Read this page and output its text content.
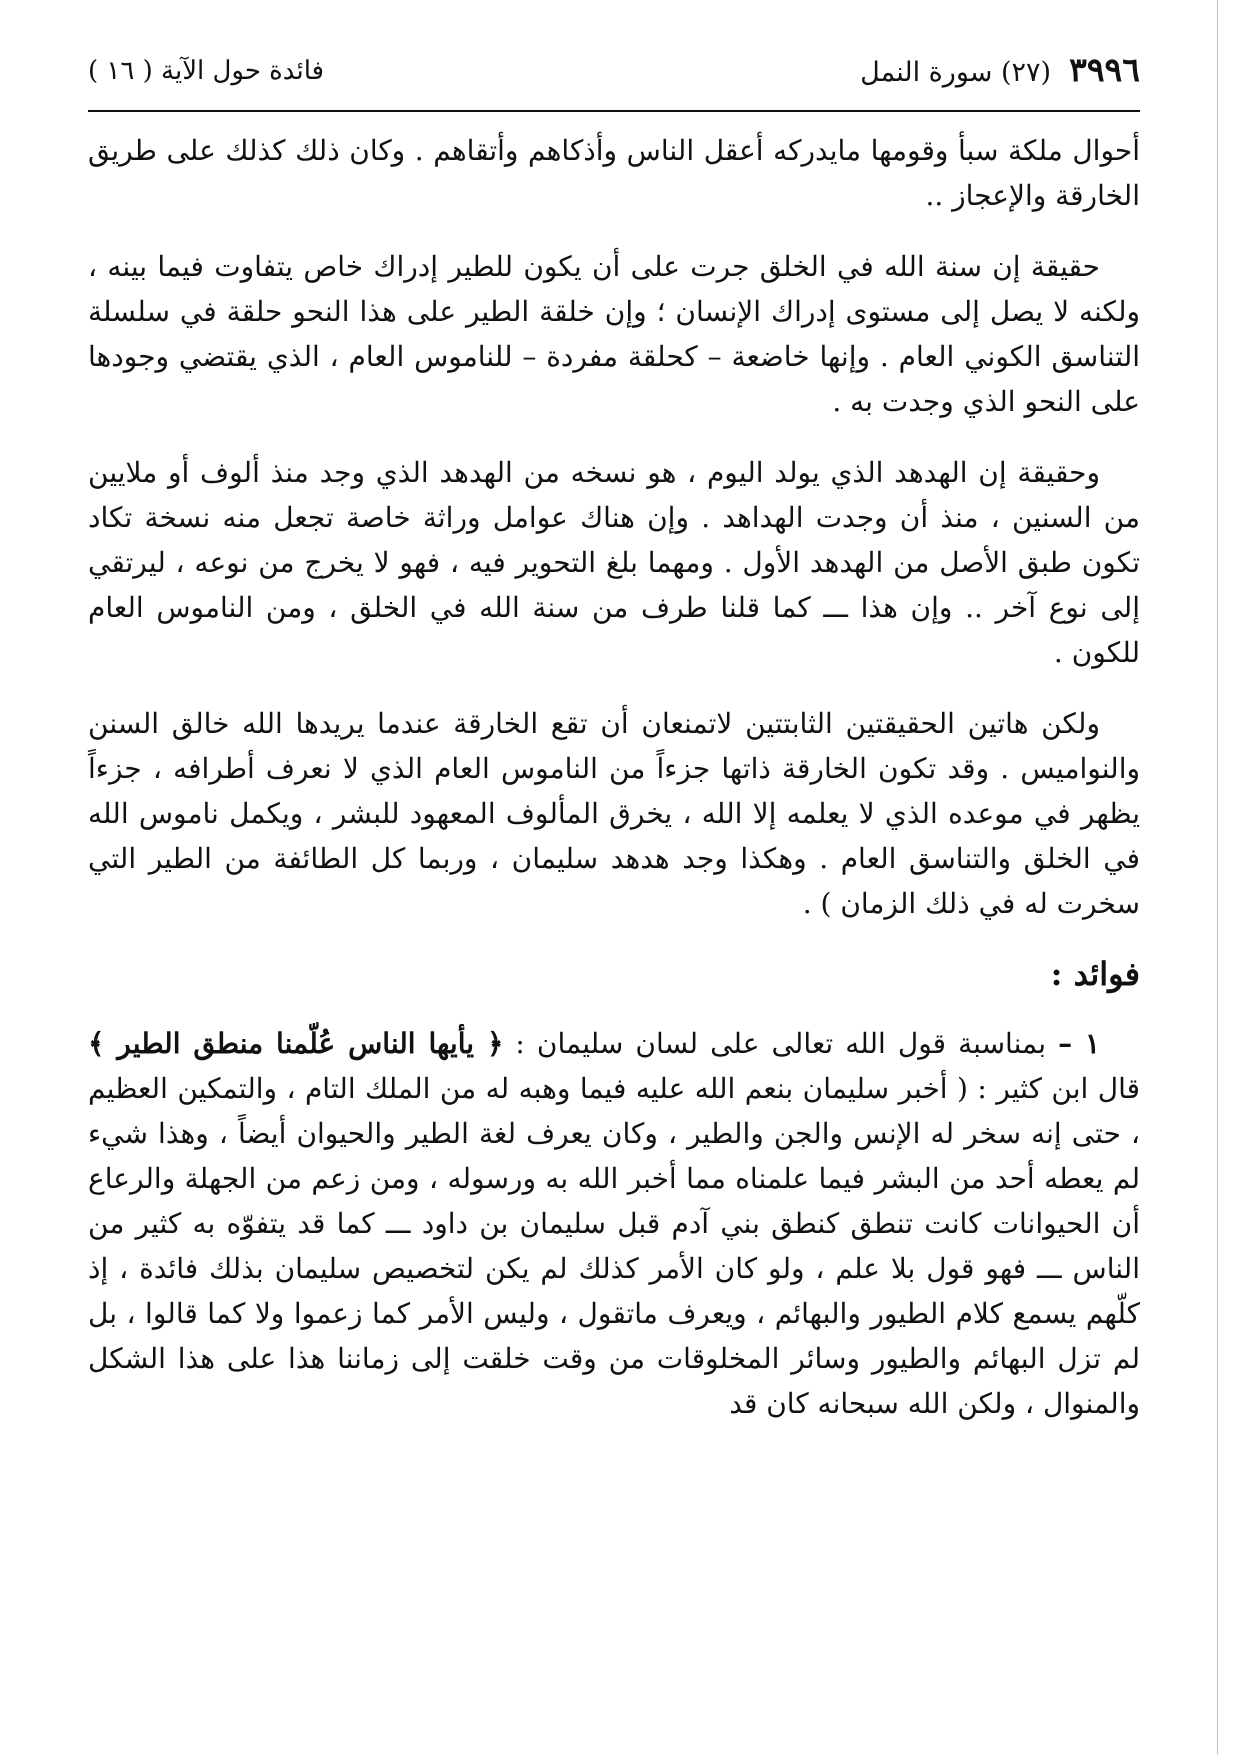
٣٩٩٦
(٢٧) سورة النمل
فائدة حول الآية ( ١٦ )

أحوال ملكة سبأ وقومها مايدركه أعقل الناس وأذكاهم وأتقاهم . وكان ذلك كذلك على طريق الخارقة والإعجاز ..

حقيقة إن سنة الله في الخلق جرت على أن يكون للطير إدراك خاص يتفاوت فيما بينه ، ولكنه لا يصل إلى مستوى إدراك الإنسان ؛ وإن خلقة الطير على هذا النحو حلقة في سلسلة التناسق الكوني العام . وإنها خاضعة – كحلقة مفردة – للناموس العام ، الذي يقتضي وجودها على النحو الذي وجدت به .

وحقيقة إن الهدهد الذي يولد اليوم ، هو نسخه من الهدهد الذي وجد منذ ألوف أو ملايين من السنين ، منذ أن وجدت الهداهد . وإن هناك عوامل وراثة خاصة تجعل منه نسخة تكاد تكون طبق الأصل من الهدهد الأول . ومهما بلغ التحوير فيه ، فهو لا يخرج من نوعه ، ليرتقي إلى نوع آخر .. وإن هذا ـــ كما قلنا طرف من سنة الله في الخلق ، ومن الناموس العام للكون .

ولكن هاتين الحقيقتين الثابتتين لاتمنعان أن تقع الخارقة عندما يريدها الله خالق السنن والنواميس . وقد تكون الخارقة ذاتها جزءاً من الناموس العام الذي لا نعرف أطرافه ، جزءاً يظهر في موعده الذي لا يعلمه إلا الله ، يخرق المألوف المعهود للبشر ، ويكمل ناموس الله في الخلق والتناسق العام . وهكذا وجد هدهد سليمان ، وربما كل الطائفة من الطير التي سخرت له في ذلك الزمان ) .

فوائد :

١ – بمناسبة قول الله تعالى على لسان سليمان : ﴿ يأيها الناس عُلّمنا منطق الطير ﴾ قال ابن كثير : ( أخبر سليمان بنعم الله عليه فيما وهبه له من الملك التام ، والتمكين العظيم ، حتى إنه سخر له الإنس والجن والطير ، وكان يعرف لغة الطير والحيوان أيضاً ، وهذا شيء لم يعطه أحد من البشر فيما علمناه مما أخبر الله به ورسوله ، ومن زعم من الجهلة والرعاع أن الحيوانات كانت تنطق كنطق بني آدم قبل سليمان بن داود ـــ كما قد يتفوّه به كثير من الناس ـــ فهو قول بلا علم ، ولو كان الأمر كذلك لم يكن لتخصيص سليمان بذلك فائدة ، إذ كلّهم يسمع كلام الطيور والبهائم ، ويعرف ماتقول ، وليس الأمر كما زعموا ولا كما قالوا ، بل لم تزل البهائم والطيور وسائر المخلوقات من وقت خلقت إلى زماننا هذا على هذا الشكل والمنوال ، ولكن الله سبحانه كان قد
